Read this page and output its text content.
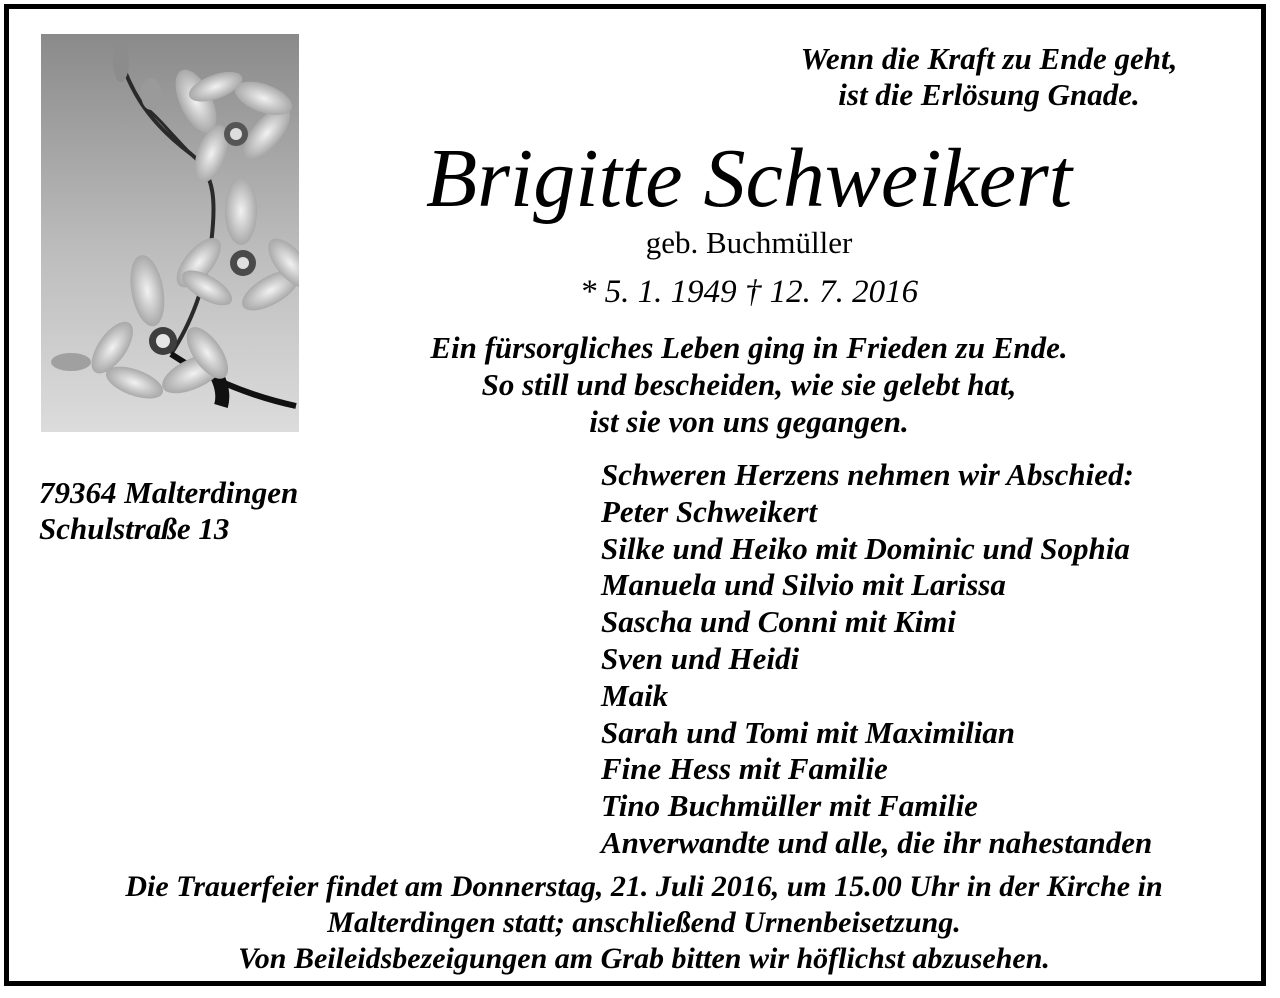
Wenn die Kraft zu Ende geht,
ist die Erlösung Gnade.
Brigitte Schweikert
geb. Buchmüller
* 5. 1. 1949 † 12. 7. 2016
Ein fürsorgliches Leben ging in Frieden zu Ende.
So still und bescheiden, wie sie gelebt hat,
ist sie von uns gegangen.
79364 Malterdingen
Schulstraße 13
Schweren Herzens nehmen wir Abschied:
Peter Schweikert
Silke und Heiko mit Dominic und Sophia
Manuela und Silvio mit Larissa
Sascha und Conni mit Kimi
Sven und Heidi
Maik
Sarah und Tomi mit Maximilian
Fine Hess mit Familie
Tino Buchmüller mit Familie
Anverwandte und alle, die ihr nahestanden
Die Trauerfeier findet am Donnerstag, 21. Juli 2016, um 15.00 Uhr in der Kirche in
Malterdingen statt; anschließend Urnenbeisetzung.
Von Beileidsbezeigungen am Grab bitten wir höflichst abzusehen.
